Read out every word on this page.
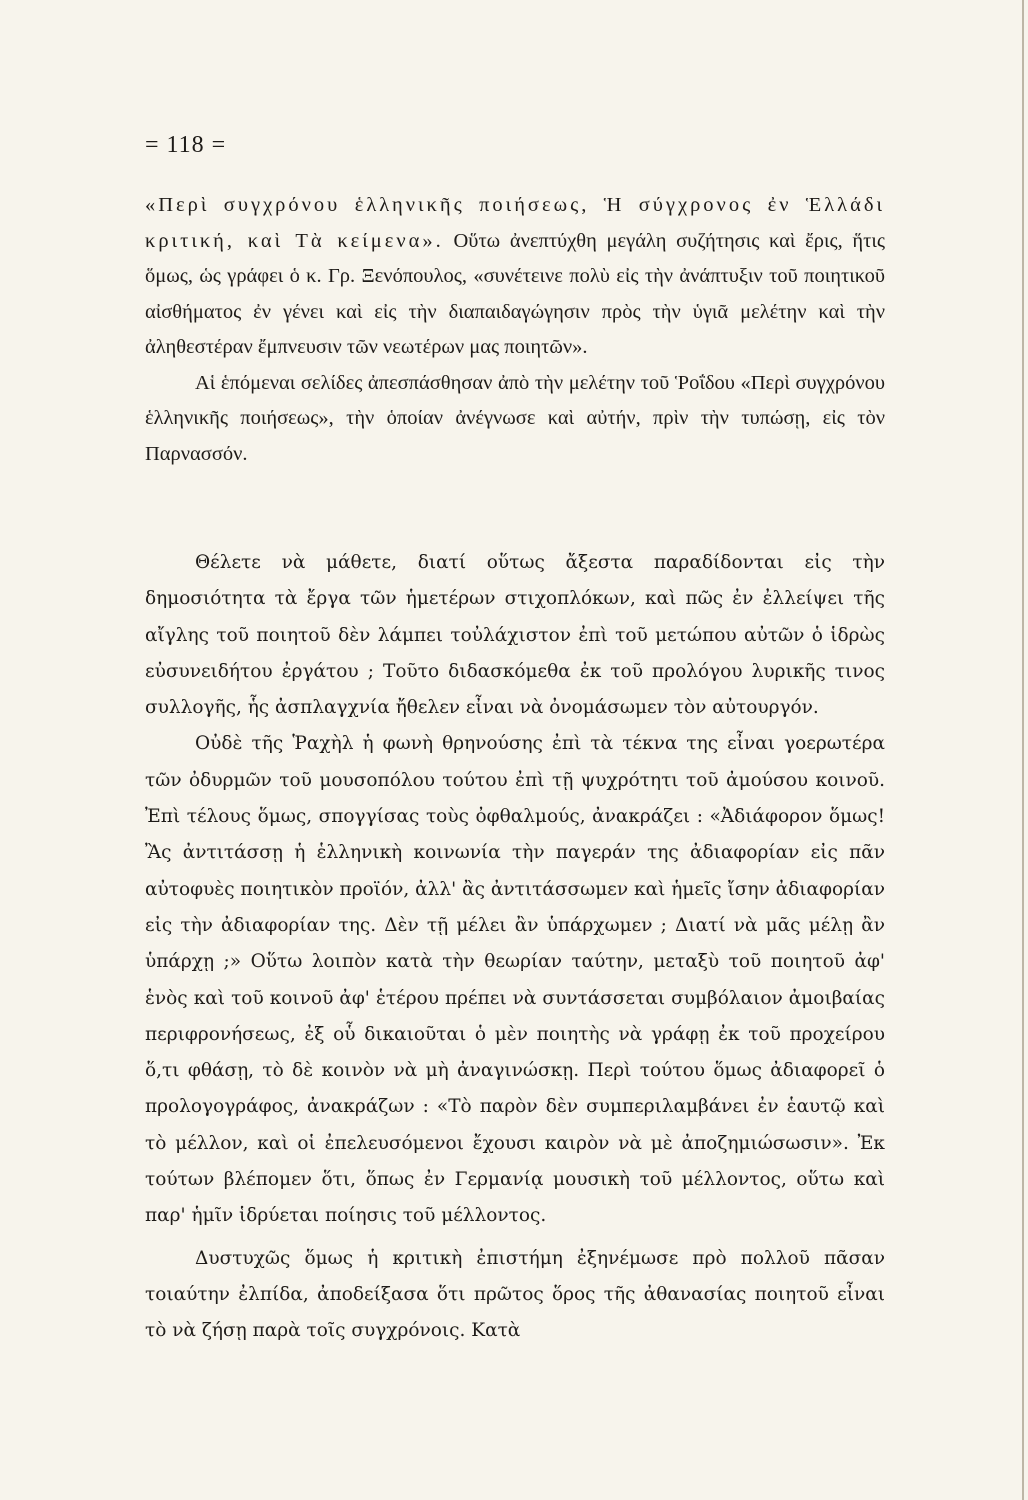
= 118 =

«Περὶ συγχρόνου ἑλληνικῆς ποιήσεως, Ἡ σύγχρονος ἐν Ἑλλάδι κριτική, καὶ Τὰ κείμενα». Οὕτω ἀνεπτύχθη μεγάλη συζήτησις καὶ ἔρις, ἥτις ὅμως, ὡς γράφει ὁ κ. Γρ. Ξενόπουλος, «συνέτεινε πολὺ εἰς τὴν ἀνάπτυξιν τοῦ ποιητικοῦ αἰσθήματος ἐν γένει καὶ εἰς τὴν διαπαιδαγώγησιν πρὸς τὴν ὑγιᾶ μελέτην καὶ τὴν ἀληθεστέραν ἔμπνευσιν τῶν νεωτέρων μας ποιητῶν».

Αἱ ἑπόμεναι σελίδες ἀπεσπάσθησαν ἀπὸ τὴν μελέτην τοῦ Ῥοΐδου «Περὶ συγχρόνου ἑλληνικῆς ποιήσεως», τὴν ὁποίαν ἀνέγνωσε καὶ αὐτήν, πρὶν τὴν τυπώσῃ, εἰς τὸν Παρνασσόν.

Θέλετε νὰ μάθετε, διατί οὕτως ἄξεστα παραδίδονται εἰς τὴν δημοσιότητα τὰ ἔργα τῶν ἡμετέρων στιχοπλόκων, καὶ πῶς ἐν ἐλλείψει τῆς αἴγλης τοῦ ποιητοῦ δὲν λάμπει τοὐλάχιστον ἐπὶ τοῦ μετώπου αὐτῶν ὁ ἱδρὼς εὐσυνειδήτου ἐργάτου ; Τοῦτο διδασκόμεθα ἐκ τοῦ προλόγου λυρικῆς τινος συλλογῆς, ἧς ἀσπλαγχνία ἤθελεν εἶναι νὰ ὀνομάσωμεν τὸν αὐτουργόν.

Οὐδὲ τῆς Ῥαχὴλ ἡ φωνὴ θρηνούσης ἐπὶ τὰ τέκνα της εἶναι γοερωτέρα τῶν ὀδυρμῶν τοῦ μουσοπόλου τούτου ἐπὶ τῇ ψυχρότητι τοῦ ἀμούσου κοινοῦ. Ἐπὶ τέλους ὅμως, σπογγίσας τοὺς ὀφθαλμούς, ἀνακράζει : «Ἀδιάφορον ὅμως! Ἂς ἀντιτάσσῃ ἡ ἑλληνικὴ κοινωνία τὴν παγεράν της ἀδιαφορίαν εἰς πᾶν αὐτοφυὲς ποιητικὸν προϊόν, ἀλλ' ἂς ἀντιτάσσωμεν καὶ ἡμεῖς ἴσην ἀδιαφορίαν εἰς τὴν ἀδιαφορίαν της. Δὲν τῇ μέλει ἂν ὑπάρχωμεν ; Διατί νὰ μᾶς μέλῃ ἂν ὑπάρχῃ ;» Οὕτω λοιπὸν κατὰ τὴν θεωρίαν ταύτην, μεταξὺ τοῦ ποιητοῦ ἀφ' ἑνὸς καὶ τοῦ κοινοῦ ἀφ' ἑτέρου πρέπει νὰ συντάσσεται συμβόλαιον ἀμοιβαίας περιφρονήσεως, ἐξ οὗ δικαιοῦται ὁ μὲν ποιητὴς νὰ γράφῃ ἐκ τοῦ προχείρου ὅ,τι φθάσῃ, τὸ δὲ κοινὸν νὰ μὴ ἀναγινώσκῃ. Περὶ τούτου ὅμως ἀδιαφορεῖ ὁ προλογογράφος, ἀνακράζων : «Τὸ παρὸν δὲν συμπεριλαμβάνει ἐν ἑαυτῷ καὶ τὸ μέλλον, καὶ οἱ ἐπελευσόμενοι ἔχουσι καιρὸν νὰ μὲ ἀποζημιώσωσιν». Ἐκ τούτων βλέπομεν ὅτι, ὅπως ἐν Γερμανίᾳ μουσικὴ τοῦ μέλλοντος, οὕτω καὶ παρ' ἡμῖν ἱδρύεται ποίησις τοῦ μέλλοντος.

Δυστυχῶς ὅμως ἡ κριτικὴ ἐπιστήμη ἐξηνέμωσε πρὸ πολλοῦ πᾶσαν τοιαύτην ἐλπίδα, ἀποδείξασα ὅτι πρῶτος ὅρος τῆς ἀθανασίας ποιητοῦ εἶναι τὸ νὰ ζήσῃ παρὰ τοῖς συγχρόνοις. Κατὰ
